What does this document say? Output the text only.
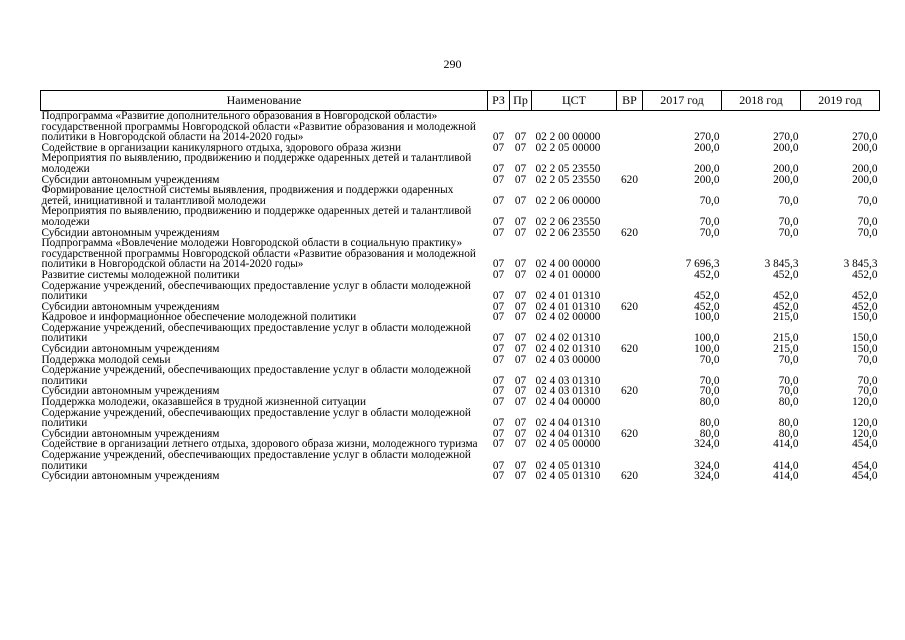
290
Наименование	РЗ	Пр	ЦСТ	ВР	2017 год	2018 год	2019 год
Подпрограмма «Развитие дополнительного образования в Новгородской области» государственной программы Новгородской области «Развитие образования и молодежной политики в Новгородской области на 2014-2020 годы»	07	07	02 2 00 00000		270,0	270,0	270,0
Содействие в организации каникулярного отдыха, здорового образа жизни	07	07	02 2 05 00000		200,0	200,0	200,0
Мероприятия по выявлению, продвижению и поддержке одаренных детей и талантливой молодежи	07	07	02 2 05 23550		200,0	200,0	200,0
Субсидии автономным учреждениям	07	07	02 2 05 23550	620	200,0	200,0	200,0
Формирование целостной системы выявления, продвижения и поддержки одаренных детей, инициативной и талантливой молодежи	07	07	02 2 06 00000		70,0	70,0	70,0
Мероприятия по выявлению, продвижению и поддержке одаренных детей и талантливой молодежи	07	07	02 2 06 23550		70,0	70,0	70,0
Субсидии автономным учреждениям	07	07	02 2 06 23550	620	70,0	70,0	70,0
Подпрограмма «Вовлечение молодежи Новгородской области в социальную практику» государственной программы Новгородской области «Развитие образования и молодежной политики в Новгородской области на 2014-2020 годы»	07	07	02 4 00 00000		7 696,3	3 845,3	3 845,3
Развитие системы молодежной политики	07	07	02 4 01 00000		452,0	452,0	452,0
Содержание учреждений, обеспечивающих предоставление услуг в области молодежной политики	07	07	02 4 01 01310		452,0	452,0	452,0
Субсидии автономным учреждениям	07	07	02 4 01 01310	620	452,0	452,0	452,0
Кадровое и информационное обеспечение молодежной политики	07	07	02 4 02 00000		100,0	215,0	150,0
Содержание учреждений, обеспечивающих предоставление услуг в области молодежной политики	07	07	02 4 02 01310		100,0	215,0	150,0
Субсидии автономным учреждениям	07	07	02 4 02 01310	620	100,0	215,0	150,0
Поддержка молодой семьи	07	07	02 4 03 00000		70,0	70,0	70,0
Содержание учреждений, обеспечивающих предоставление услуг в области молодежной политики	07	07	02 4 03 01310		70,0	70,0	70,0
Субсидии автономным учреждениям	07	07	02 4 03 01310	620	70,0	70,0	70,0
Поддержка молодежи, оказавшейся в трудной жизненной ситуации	07	07	02 4 04 00000		80,0	80,0	120,0
Содержание учреждений, обеспечивающих предоставление услуг в области молодежной политики	07	07	02 4 04 01310		80,0	80,0	120,0
Субсидии автономным учреждениям	07	07	02 4 04 01310	620	80,0	80,0	120,0
Содействие в организации летнего отдыха, здорового образа жизни, молодежного туризма	07	07	02 4 05 00000		324,0	414,0	454,0
Содержание учреждений, обеспечивающих предоставление услуг в области молодежной политики	07	07	02 4 05 01310		324,0	414,0	454,0
Субсидии автономным учреждениям	07	07	02 4 05 01310	620	324,0	414,0	454,0
